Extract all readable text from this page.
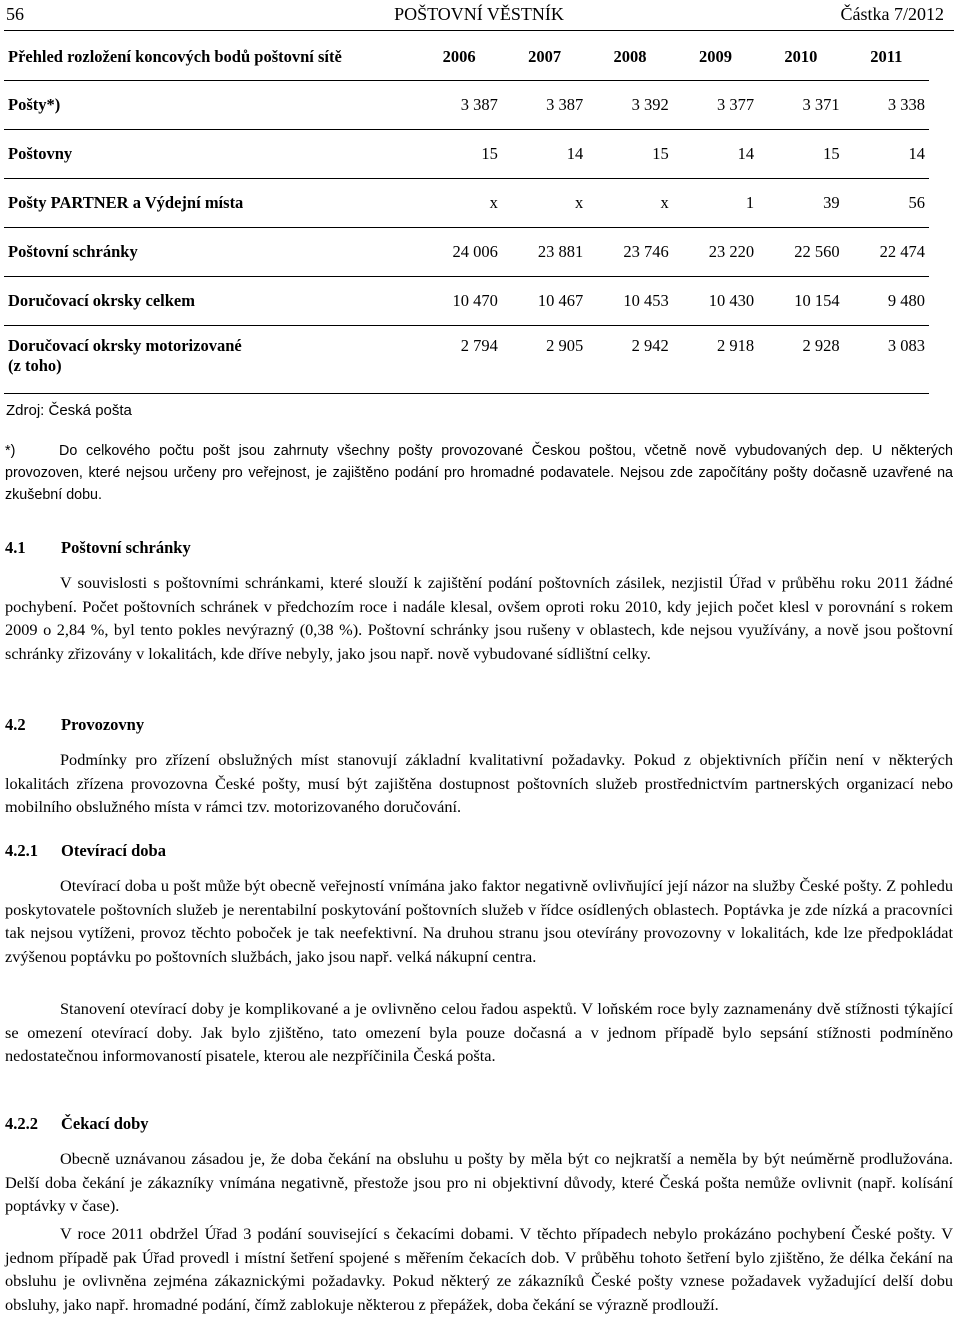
56	POŠTOVNÍ VĚSTNÍK	Částka 7/2012
Přehled rozložení koncových bodů poštovní sítě	2006	2007	2008	2009	2010	2011
Pošty*)	3 387	3 387	3 392	3 377	3 371	3 338
Poštovny	15	14	15	14	15	14
Pošty PARTNER a Výdejní místa	x	x	x	1	39	56
Poštovní schránky	24 006	23 881	23 746	23 220	22 560	22 474
Doručovací okrsky celkem	10 470	10 467	10 453	10 430	10 154	9 480
Doručovací okrsky motorizované
(z toho)	2 794	2 905	2 942	2 918	2 928	3 083
Zdroj: Česká pošta
*)	Do celkového počtu pošt jsou zahrnuty všechny pošty provozované Českou poštou, včetně nově vybudovaných dep. U některých provozoven, které nejsou určeny pro veřejnost, je zajištěno podání pro hromadné podavatele. Nejsou zde započítány pošty dočasně uzavřené na zkušební dobu.
4.1 Poštovní schránky

V souvislosti s poštovními schránkami, které slouží k zajištění podání poštovních zásilek, nezjistil Úřad v průběhu roku 2011 žádné pochybení. Počet poštovních schránek v předchozím roce i nadále klesal, ovšem oproti roku 2010, kdy jejich počet klesl v porovnání s rokem 2009 o 2,84 %, byl tento pokles nevýrazný (0,38 %). Poštovní schránky jsou rušeny v oblastech, kde nejsou využívány, a nově jsou poštovní schránky zřizovány v lokalitách, kde dříve nebyly, jako jsou např. nově vybudované sídlištní celky.

4.2 Provozovny

Podmínky pro zřízení obslužných míst stanovují základní kvalitativní požadavky. Pokud z objektivních příčin není v některých lokalitách zřízena provozovna České pošty, musí být zajištěna dostupnost poštovních služeb prostřednictvím partnerských organizací nebo mobilního obslužného místa v rámci tzv. motorizovaného doručování.

4.2.1 Otevírací doba

Otevírací doba u pošt může být obecně veřejností vnímána jako faktor negativně ovlivňující její názor na služby České pošty. Z pohledu poskytovatele poštovních služeb je nerentabilní poskytování poštovních služeb v řídce osídlených oblastech. Poptávka je zde nízká a pracovníci tak nejsou vytíženi, provoz těchto poboček je tak neefektivní. Na druhou stranu jsou otevírány provozovny v lokalitách, kde lze předpokládat zvýšenou poptávku po poštovních službách, jako jsou např. velká nákupní centra.

Stanovení otevírací doby je komplikované a je ovlivněno celou řadou aspektů. V loňském roce byly zaznamenány dvě stížnosti týkající se omezení otevírací doby. Jak bylo zjištěno, tato omezení byla pouze dočasná a v jednom případě bylo sepsání stížnosti podmíněno nedostatečnou informovaností pisatele, kterou ale nezpříčinila Česká pošta.

4.2.2 Čekací doby

Obecně uznávanou zásadou je, že doba čekání na obsluhu u pošty by měla být co nejkratší a neměla by být neúměrně prodlužována. Delší doba čekání je zákazníky vnímána negativně, přestože jsou pro ni objektivní důvody, které Česká pošta nemůže ovlivnit (např. kolísání poptávky v čase).

V roce 2011 obdržel Úřad 3 podání související s čekacími dobami. V těchto případech nebylo prokázáno pochybení České pošty. V jednom případě pak Úřad provedl i místní šetření spojené s měřením čekacích dob. V průběhu tohoto šetření bylo zjištěno, že délka čekání na obsluhu je ovlivněna zejména zákaznickými požadavky. Pokud některý ze zákazníků České pošty vznese požadavek vyžadující delší dobu obsluhy, jako např. hromadné podání, čímž zablokuje některou z přepážek, doba čekání se výrazně prodlouží.
